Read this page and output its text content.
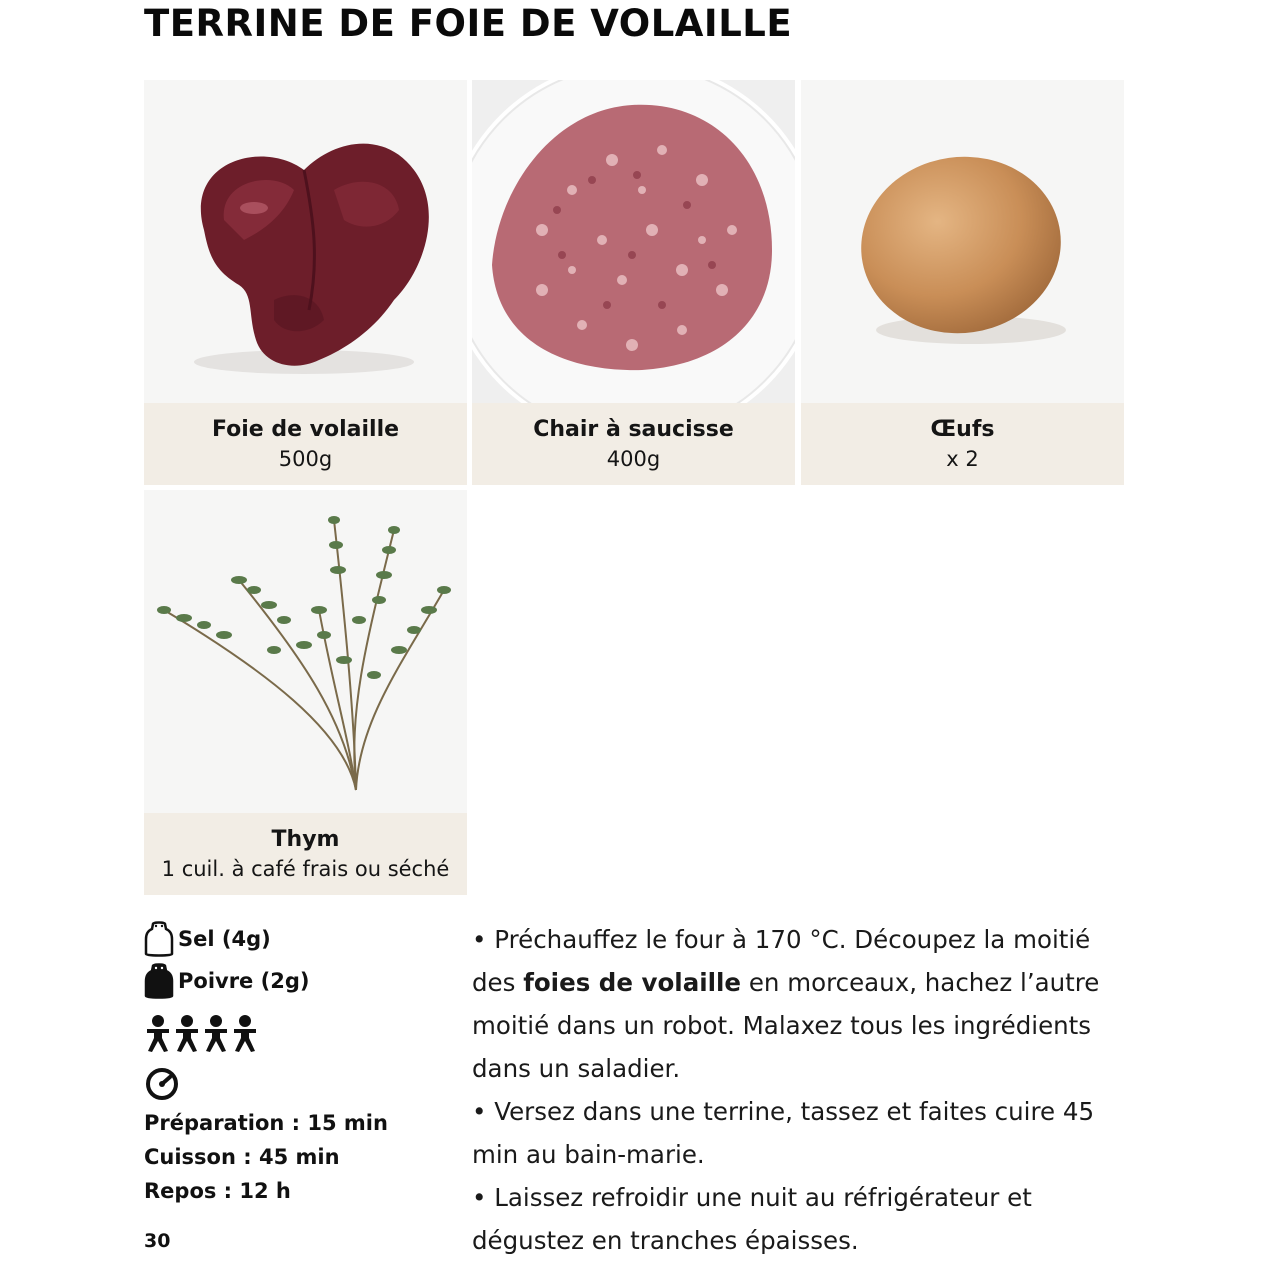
TERRINE DE FOIE DE VOLAILLE
Foie de volaille
500g
Chair à saucisse
400g
Œufs
x 2
Thym
1 cuil. à café frais ou séché
Sel (4g)
Poivre (2g)
Préparation : 15 min
Cuisson : 45 min
Repos : 12 h
30

• Préchauffez le four à 170 °C. Découpez la moitié des foies de volaille en morceaux, hachez l’autre moitié dans un robot. Malaxez tous les ingrédients dans un saladier.

• Versez dans une terrine, tassez et faites cuire 45 min au bain-marie.

• Laissez refroidir une nuit au réfrigérateur et dégustez en tranches épaisses.
